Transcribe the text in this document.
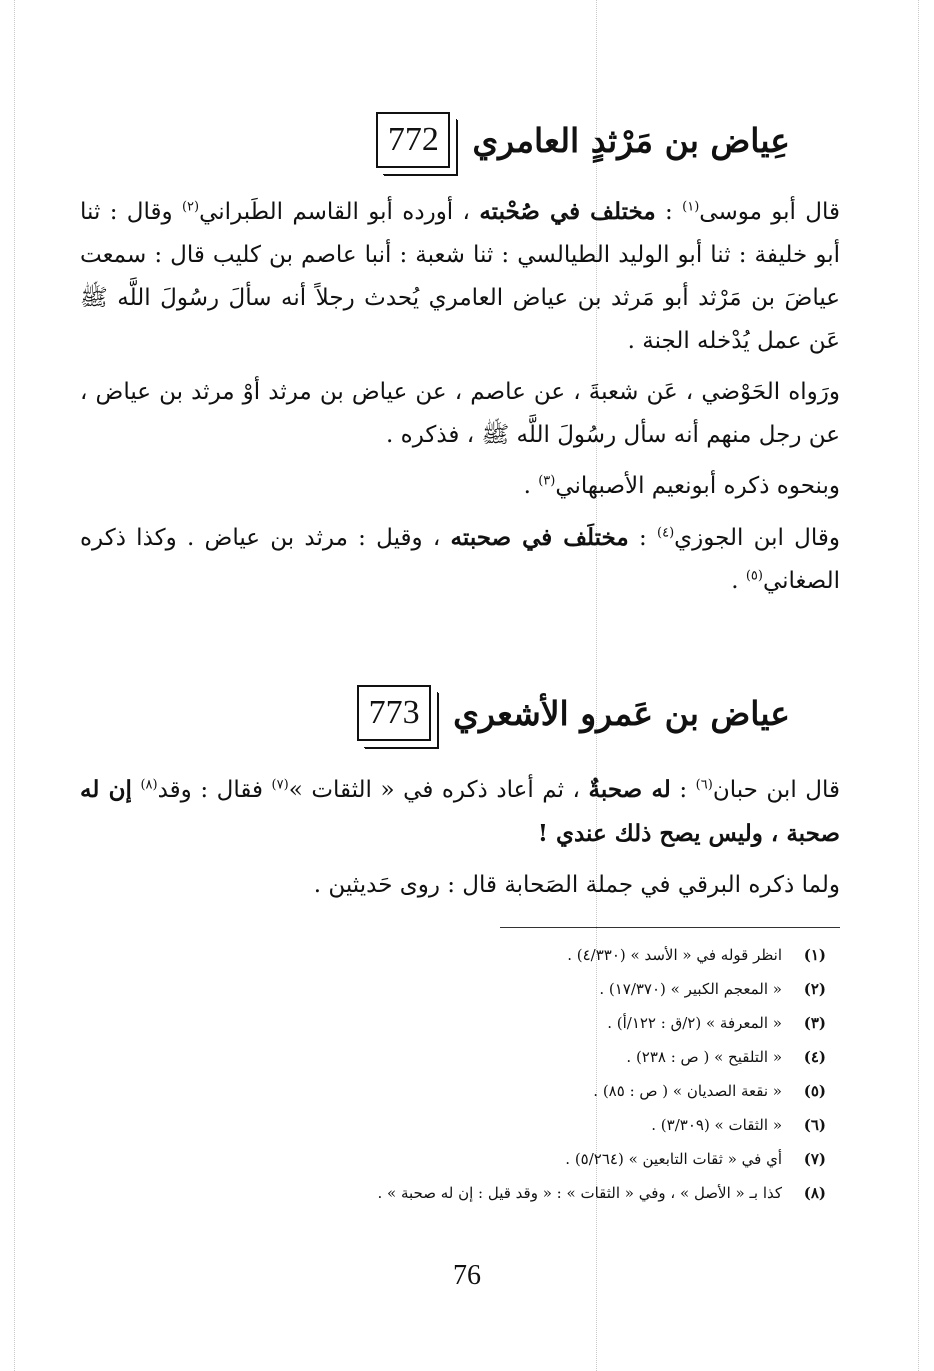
عِياض بن مَرْثدٍ العامري
772

قال أبو موسى$^{(١)}$ : مختلف في صُحْبته ، أورده أبو القاسم الطَبراني$^{(٢)}$ وقال : ثنا أبو خليفة : ثنا أبو الوليد الطيالسي : ثنا شعبة : أنبا عاصم بن كليب قال : سمعت عياضَ بن مَرْثد أبو مَرثد بن عياض العامري يُحدث رجلاً أنه سألَ رسُولَ اللَّه ﷺ عَن عمل يُدْخله الجنة .

ورَواه الحَوْضي ، عَن شعبةَ ، عن عاصم ، عن عياض بن مرثد أوْ مرثد بن عياض ، عن رجل منهم أنه سأل رسُولَ اللَّه ﷺ ، فذكره .

وبنحوه ذكره أبونعيم الأصبهاني$^{(٣)}$ .

وقال ابن الجوزي$^{(٤)}$ : مختلَف في صحبته ، وقيل : مرثد بن عياض . وكذا ذكره الصغاني$^{(٥)}$ .

عياض بن عَمرو الأشعري
773

قال ابن حبان$^{(٦)}$ : له صحبةٌ ، ثم أعاد ذكره في « الثقات »$^{(٧)}$ فقال : وقد$^{(٨)}$ إن له صحبة ، وليس يصح ذلك عندي !

ولما ذكره البرقي في جملة الصَحابة قال : روى حَديثين .

(١)
انظر قوله في « الأسد » (٤/٣٣٠) .
(٢)
« المعجم الكبير » (١٧/٣٧٠) .
(٣)
« المعرفة » (٢/ق : ١٢٢/أ) .
(٤)
« التلقيح » ( ص : ٢٣٨) .
(٥)
« نقعة الصديان » ( ص : ٨٥) .
(٦)
« الثقات » (٣/٣٠٩) .
(٧)
أي في « ثقات التابعين » (٥/٢٦٤) .
(٨)
كذا بـ « الأصل » ، وفي « الثقات » : « وقد قيل : إن له صحبة » .
76
